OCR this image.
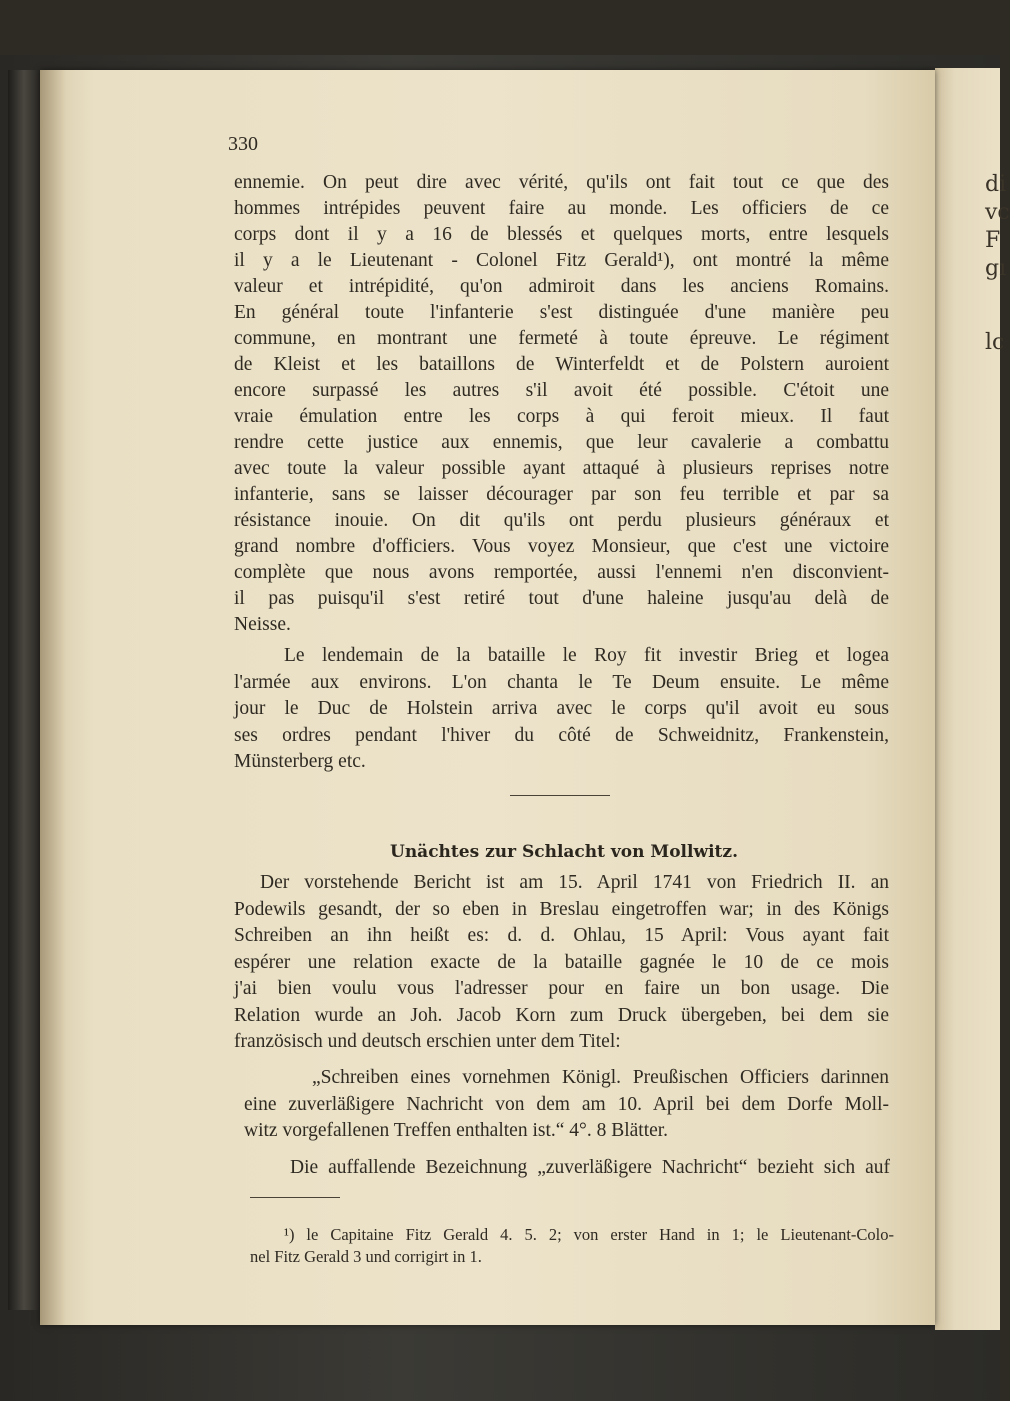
di
vc
F
gı
lc
330
ennemie. On peut dire avec vérité, qu'ils ont fait tout ce que des
hommes intrépides peuvent faire au monde. Les officiers de ce
corps dont il y a 16 de blessés et quelques morts, entre lesquels
il y a le Lieutenant - Colonel Fitz Gerald¹), ont montré la même
valeur et intrépidité, qu'on admiroit dans les anciens Romains.
En général toute l'infanterie s'est distinguée d'une manière peu
commune, en montrant une fermeté à toute épreuve. Le régiment
de Kleist et les bataillons de Winterfeldt et de Polstern auroient
encore surpassé les autres s'il avoit été possible. C'étoit une
vraie émulation entre les corps à qui feroit mieux. Il faut
rendre cette justice aux ennemis, que leur cavalerie a combattu
avec toute la valeur possible ayant attaqué à plusieurs reprises notre
infanterie, sans se laisser décourager par son feu terrible et par sa
résistance inouie. On dit qu'ils ont perdu plusieurs généraux et
grand nombre d'officiers. Vous voyez Monsieur, que c'est une victoire
complète que nous avons remportée, aussi l'ennemi n'en disconvient-
il pas puisqu'il s'est retiré tout d'une haleine jusqu'au delà de
Neisse.
Le lendemain de la bataille le Roy fit investir Brieg et logea
l'armée aux environs. L'on chanta le Te Deum ensuite. Le même
jour le Duc de Holstein arriva avec le corps qu'il avoit eu sous
ses ordres pendant l'hiver du côté de Schweidnitz, Frankenstein,
Münsterberg etc.
Unächtes zur Schlacht von Mollwitz.
Der vorstehende Bericht ist am 15. April 1741 von Friedrich II. an
Podewils gesandt, der so eben in Breslau eingetroffen war; in des Königs
Schreiben an ihn heißt es: d. d. Ohlau, 15 April: Vous ayant fait
espérer une relation exacte de la bataille gagnée le 10 de ce mois
j'ai bien voulu vous l'adresser pour en faire un bon usage. Die
Relation wurde an Joh. Jacob Korn zum Druck übergeben, bei dem sie
französisch und deutsch erschien unter dem Titel:
„Schreiben eines vornehmen Königl. Preußischen Officiers darinnen
eine zuverläßigere Nachricht von dem am 10. April bei dem Dorfe Moll-
witz vorgefallenen Treffen enthalten ist.“ 4°. 8 Blätter.
Die auffallende Bezeichnung „zuverläßigere Nachricht“ bezieht sich auf
¹) le Capitaine Fitz Gerald 4. 5. 2; von erster Hand in 1; le Lieutenant-Colo-
nel Fitz Gerald 3 und corrigirt in 1.
